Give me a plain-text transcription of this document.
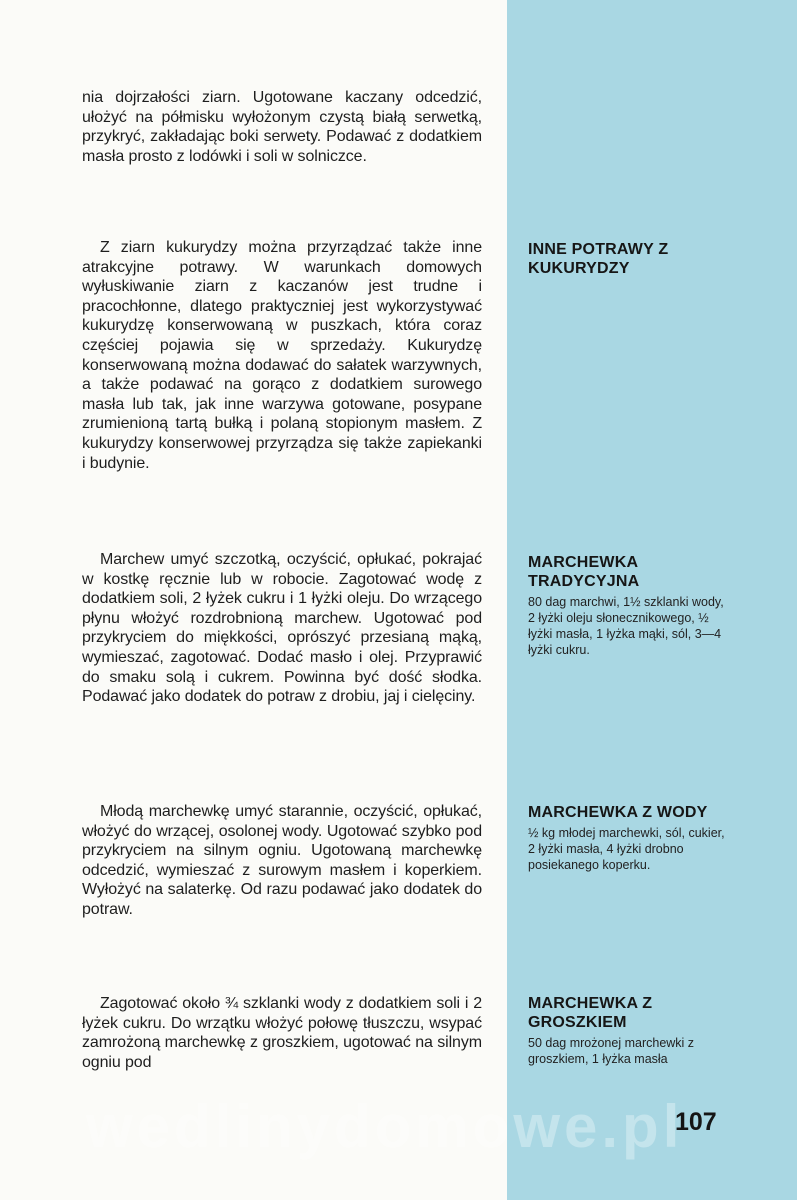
nia dojrzałości ziarn. Ugotowane kaczany odcedzić, ułożyć na półmisku wyłożonym czystą białą serwetką, przykryć, zakładając boki serwety. Podawać z dodatkiem masła prosto z lodówki i soli w solniczce.
Z ziarn kukurydzy można przyrządzać także inne atrakcyjne potrawy. W warunkach domowych wyłuskiwanie ziarn z kaczanów jest trudne i pracochłonne, dlatego praktyczniej jest wykorzystywać kukurydzę konserwowaną w puszkach, która coraz częściej pojawia się w sprzedaży. Kukurydzę konserwowaną można dodawać do sałatek warzywnych, a także podawać na gorąco z dodatkiem surowego masła lub tak, jak inne warzywa gotowane, posypane zrumienioną tartą bułką i polaną stopionym masłem. Z kukurydzy konserwowej przyrządza się także zapiekanki i budynie.
Marchew umyć szczotką, oczyścić, opłukać, pokrajać w kostkę ręcznie lub w robocie. Zagotować wodę z dodatkiem soli, 2 łyżek cukru i 1 łyżki oleju. Do wrzącego płynu włożyć rozdrobnioną marchew. Ugotować pod przykryciem do miękkości, oprószyć przesianą mąką, wymieszać, zagotować. Dodać masło i olej. Przyprawić do smaku solą i cukrem. Powinna być dość słodka. Podawać jako dodatek do potraw z drobiu, jaj i cielęciny.
Młodą marchewkę umyć starannie, oczyścić, opłukać, włożyć do wrzącej, osolonej wody. Ugotować szybko pod przykryciem na silnym ogniu. Ugotowaną marchewkę odcedzić, wymieszać z surowym masłem i koperkiem. Wyłożyć na salaterkę. Od razu podawać jako dodatek do potraw.
Zagotować około ¾ szklanki wody z dodatkiem soli i 2 łyżek cukru. Do wrzątku włożyć połowę tłuszczu, wsypać zamrożoną marchewkę z groszkiem, ugotować na silnym ogniu pod
INNE POTRAWY Z KUKURYDZY
MARCHEWKA TRADYCYJNA
80 dag marchwi, 1½ szklanki wody, 2 łyżki oleju słonecznikowego, ½ łyżki masła, 1 łyżka mąki, sól, 3—4 łyżki cukru.
MARCHEWKA Z WODY
½ kg młodej marchewki, sól, cukier, 2 łyżki masła, 4 łyżki drobno posiekanego koperku.
MARCHEWKA Z GROSZKIEM
50 dag mrożonej marchewki z groszkiem, 1 łyżka masła
wedlinydomowe.pl
107
